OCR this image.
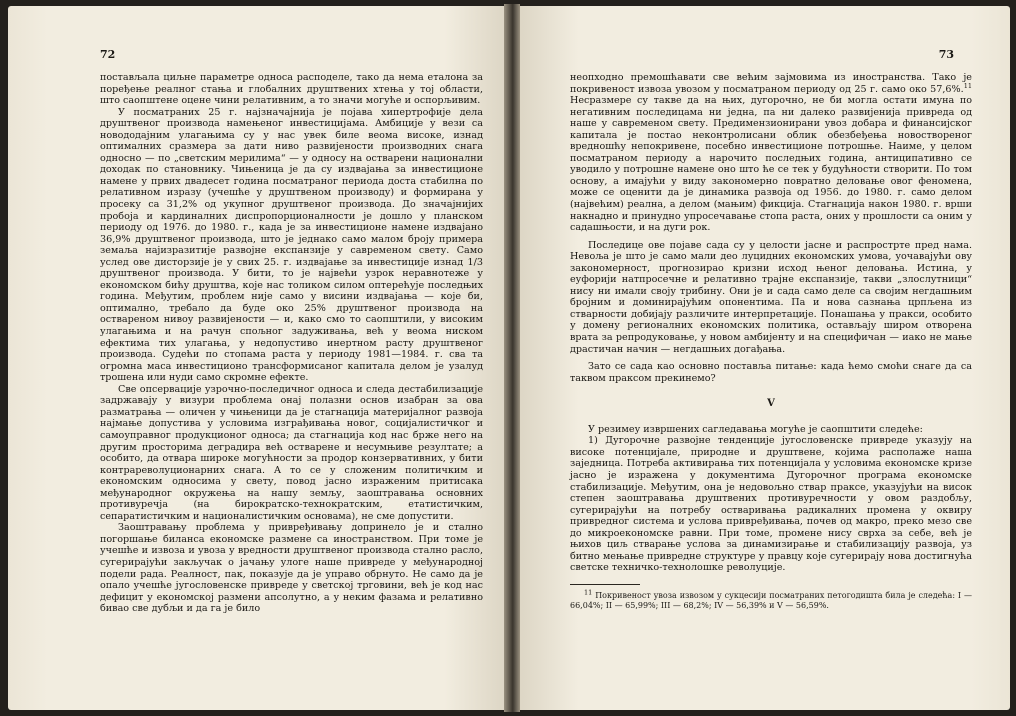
72

постављала циљне параметре односа расподеле, тако да нема еталона за поређење реалног стања и глобалних друштвених хтења у тој области, што саопштене оцене чини релативним, а то значи могуће и оспорљивим.

У посматраних 25 г. најзначајнија је појава хипертрофије дела друштвеног производа намењеног инвестицијама. Амбиције у вези са новододајним улагањима су у нас увек биле веома високе, изнад оптималних сразмера за дати ниво развијености производних снага односно — по „светским мерилима“ — у односу на остварени национални доходак по становнику. Чињеница је да су издвајања за инвестиционе намене у првих двадесет година посматраног периода доста стабилна по релативном изразу (учешће у друштвеном производу) и формирана у просеку са 31,2% од укупног друштвеног производа. До значајнијих пробоја и кардиналних диспропорционалности је дошло у планском периоду од 1976. до 1980. г., када је за инвестиционе намене издвајано 36,9% друштвеног производа, што је једнако само малом броју примера земаља најизразитије развојне експанзије у савременом свету. Само услед ове дисторзије је у свих 25. г. издвајање за инвестиције изнад 1/3 друштвеног производа. У бити, то је највећи узрок неравнотеже у економском бићу друштва, које нас толиком силом оптерећује последњих година. Међутим, проблем није само у висини издвајања — које би, оптимално, требало да буде око 25% друштвеног производа на оствареном нивоу развијености — и, како смо то саопштили, у високим улагањима и на рачун спољног задуживања, већ у веома ниском ефектима тих улагања, у недопустиво инертном расту друштвеног производа. Судећи по стопама раста у периоду 1981—1984. г. сва та огромна маса инвестиционо трансформисаног капитала делом је узалуд трошена или нуди само скромне ефекте.

Све опсервације узрочно-последичног односа и следа дестабилизације задржавају у визури проблема онај полазни основ изабран за ова разматрања — оличен у чињеници да је стагнација материјалног развоја најмање допустива у условима изграђивања новог, социјалистичког и самоуправног продукционог односа; да стагнација код нас брже него на другим просторима деградира већ остварене и несумњиве резултате; а особито, да отвара широке могућности за продор конзервативних, у бити контрареволуционарних снага. А то се у сложеним политичким и економским односима у свету, повод јасно израженим притисака међународног окружења на нашу земљу, заоштравања основних противуречја (на бирократско-технократским, етатистичким, сепаратистичким и националистичким основама), не сме допустити.

Заоштравању проблема у привређивању допринело је и стално погоршање биланса економске размене са иностранством. При томе је учешће и извоза и увоза у вредности друштвеног производа стално расло, сугерирајући закључак о јачању улоге наше привреде у међународној подели рада. Реалност, пак, показује да је управо обрнуто. Не само да је опало учешће југословенске привреде у светској трговини, већ је код нас дефицит у економској размени апсолутно, а у неким фазама и релативно бивао све дубљи и да га је било

73

неопходно премошћавати све већим зајмовима из иностранства. Тако је покривеност извоза увозом у посматраном периоду од 25 г. само око 57,6%.$^{11}$ Несразмере су такве да на њих, дугорочно, не би могла остати имуна по негативним последицама ни једна, па ни далеко развијенија привреда од наше у савременом свету. Предимензионирани увоз добара и финансијског капитала је постао неконтролисани облик обезбеђења новоствореног вредношћу непокривене, посебно инвестиционе потрошње. Наиме, у целом посматраном периоду а нарочито последњих година, антиципативно се уводило у потрошне намене оно што ће се тек у будућности створити. По том основу, а имајући у виду закономерно повратно деловање овог феномена, може се оценити да је динамика развоја од 1956. до 1980. г. само делом (највећим) реална, а делом (мањим) фикција. Стагнација након 1980. г. врши накнадно и принудно упросечавање стопа раста, оних у прошлости са оним у садашњости, и на дуги рок.

Последице ове појаве сада су у целости јасне и распрострте пред нама. Невоља је што је само мали део луцидних економских умова, уочавајући ову закономерност, прогнозирао кризни исход њеног деловања. Истина, у еуфорији натпросечне и релативно трајне експанзије, такви „злослутници“ нису ни имали своју трибину. Они је и сада само деле са својим негдашњим бројним и доминирајућим опонентима. Па и нова сазнања црпљена из стварности добијају различите интерпретације. Понашања у пракси, особито у домену регионалних економских политика, остављају широм отворена врата за репродуковање, у новом амбијенту и на специфичан — иако не мање драстичан начин — негдашњих догађања.

Зато се сада као основно поставља питање: када ћемо смоћи снаге да са таквом праксом прекинемо?

V

У резимеу извршених сагледавања могуће је саопштити следеће:

1) Дугорочне развојне тенденције југословенске привреде указују на високе потенцијале, природне и друштвене, којима располаже наша заједница. Потреба активирања тих потенцијала у условима економске кризе јасно је изражена у документима Дугорочног програма економске стабилизације. Међутим, она је недовољно ствар праксе, указујући на висок степен заоштравања друштвених противуречности у овом раздобљу, сугерирајући на потребу остваривања радикалних промена у оквиру привредног система и услова привређивања, почев од макро, преко мезо све до микроекономске равни. При томе, промене нису сврха за себе, већ је њихов циљ стварање услова за динамизирање и стабилизацију развоја, уз битно мењање привредне структуре у правцу које сугерирају нова достигнућа светске техничко-технолошке револуције.

$^{11}$ Покривеност увоза извозом у сукцесији посматраних петогодишта била је следећа: I — 66,04%; II — 65,99%; III — 68,2%; IV — 56,39% и V — 56,59%.
